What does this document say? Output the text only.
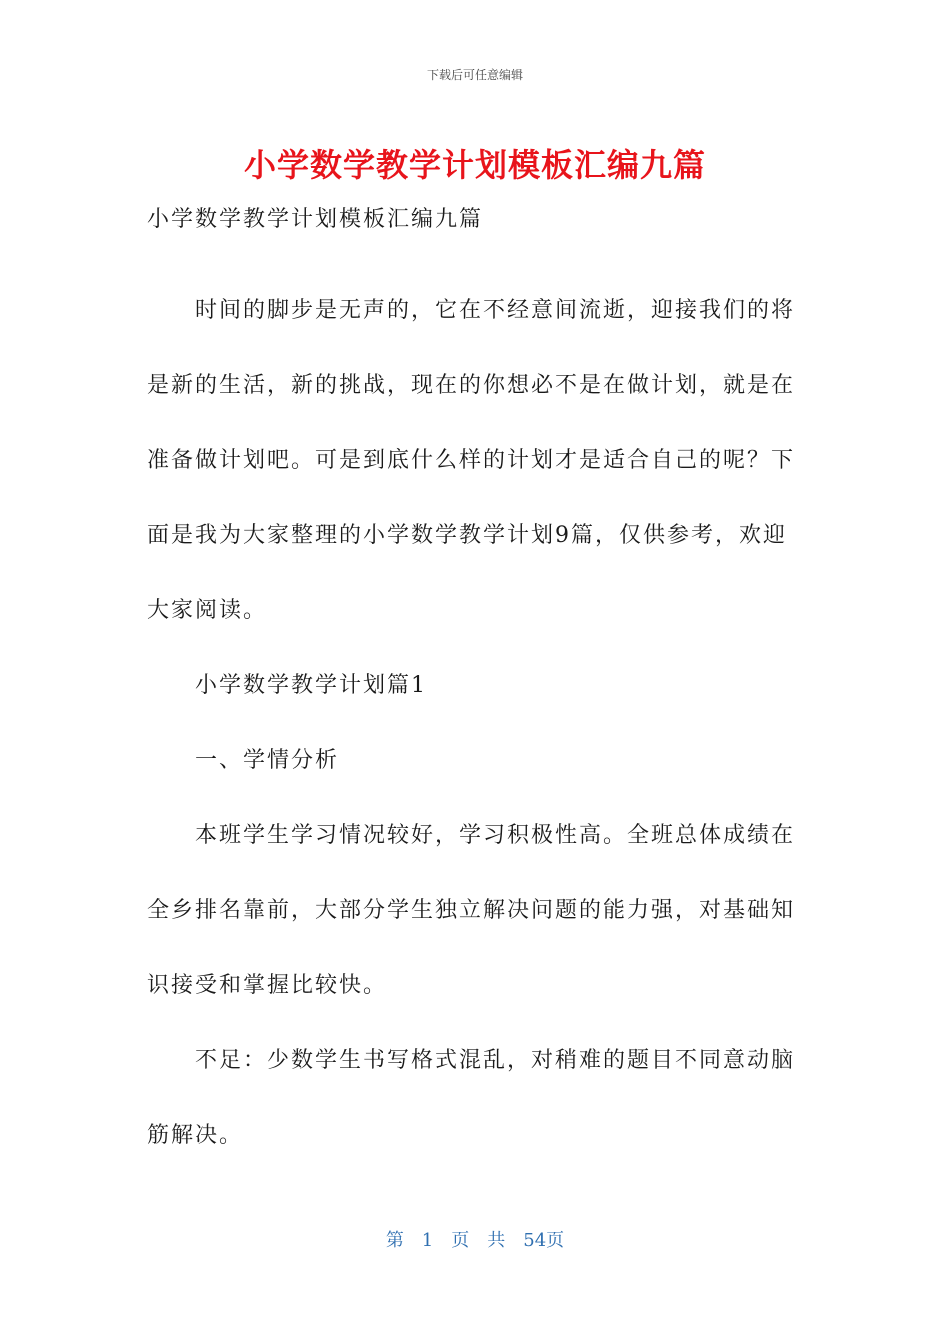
下载后可任意编辑
小学数学教学计划模板汇编九篇

小学数学教学计划模板汇编九篇

时间的脚步是无声的，它在不经意间流逝，迎接我们的将是新的生活，新的挑战，现在的你想必不是在做计划，就是在准备做计划吧。可是到底什么样的计划才是适合自己的呢？下面是我为大家整理的小学数学教学计划9篇，仅供参考，欢迎大家阅读。

小学数学教学计划篇1

一、学情分析

本班学生学习情况较好，学习积极性高。全班总体成绩在全乡排名靠前，大部分学生独立解决问题的能力强，对基础知识接受和掌握比较快。

不足：少数学生书写格式混乱，对稍难的题目不同意动脑筋解决。

第　1　页　共　54页
